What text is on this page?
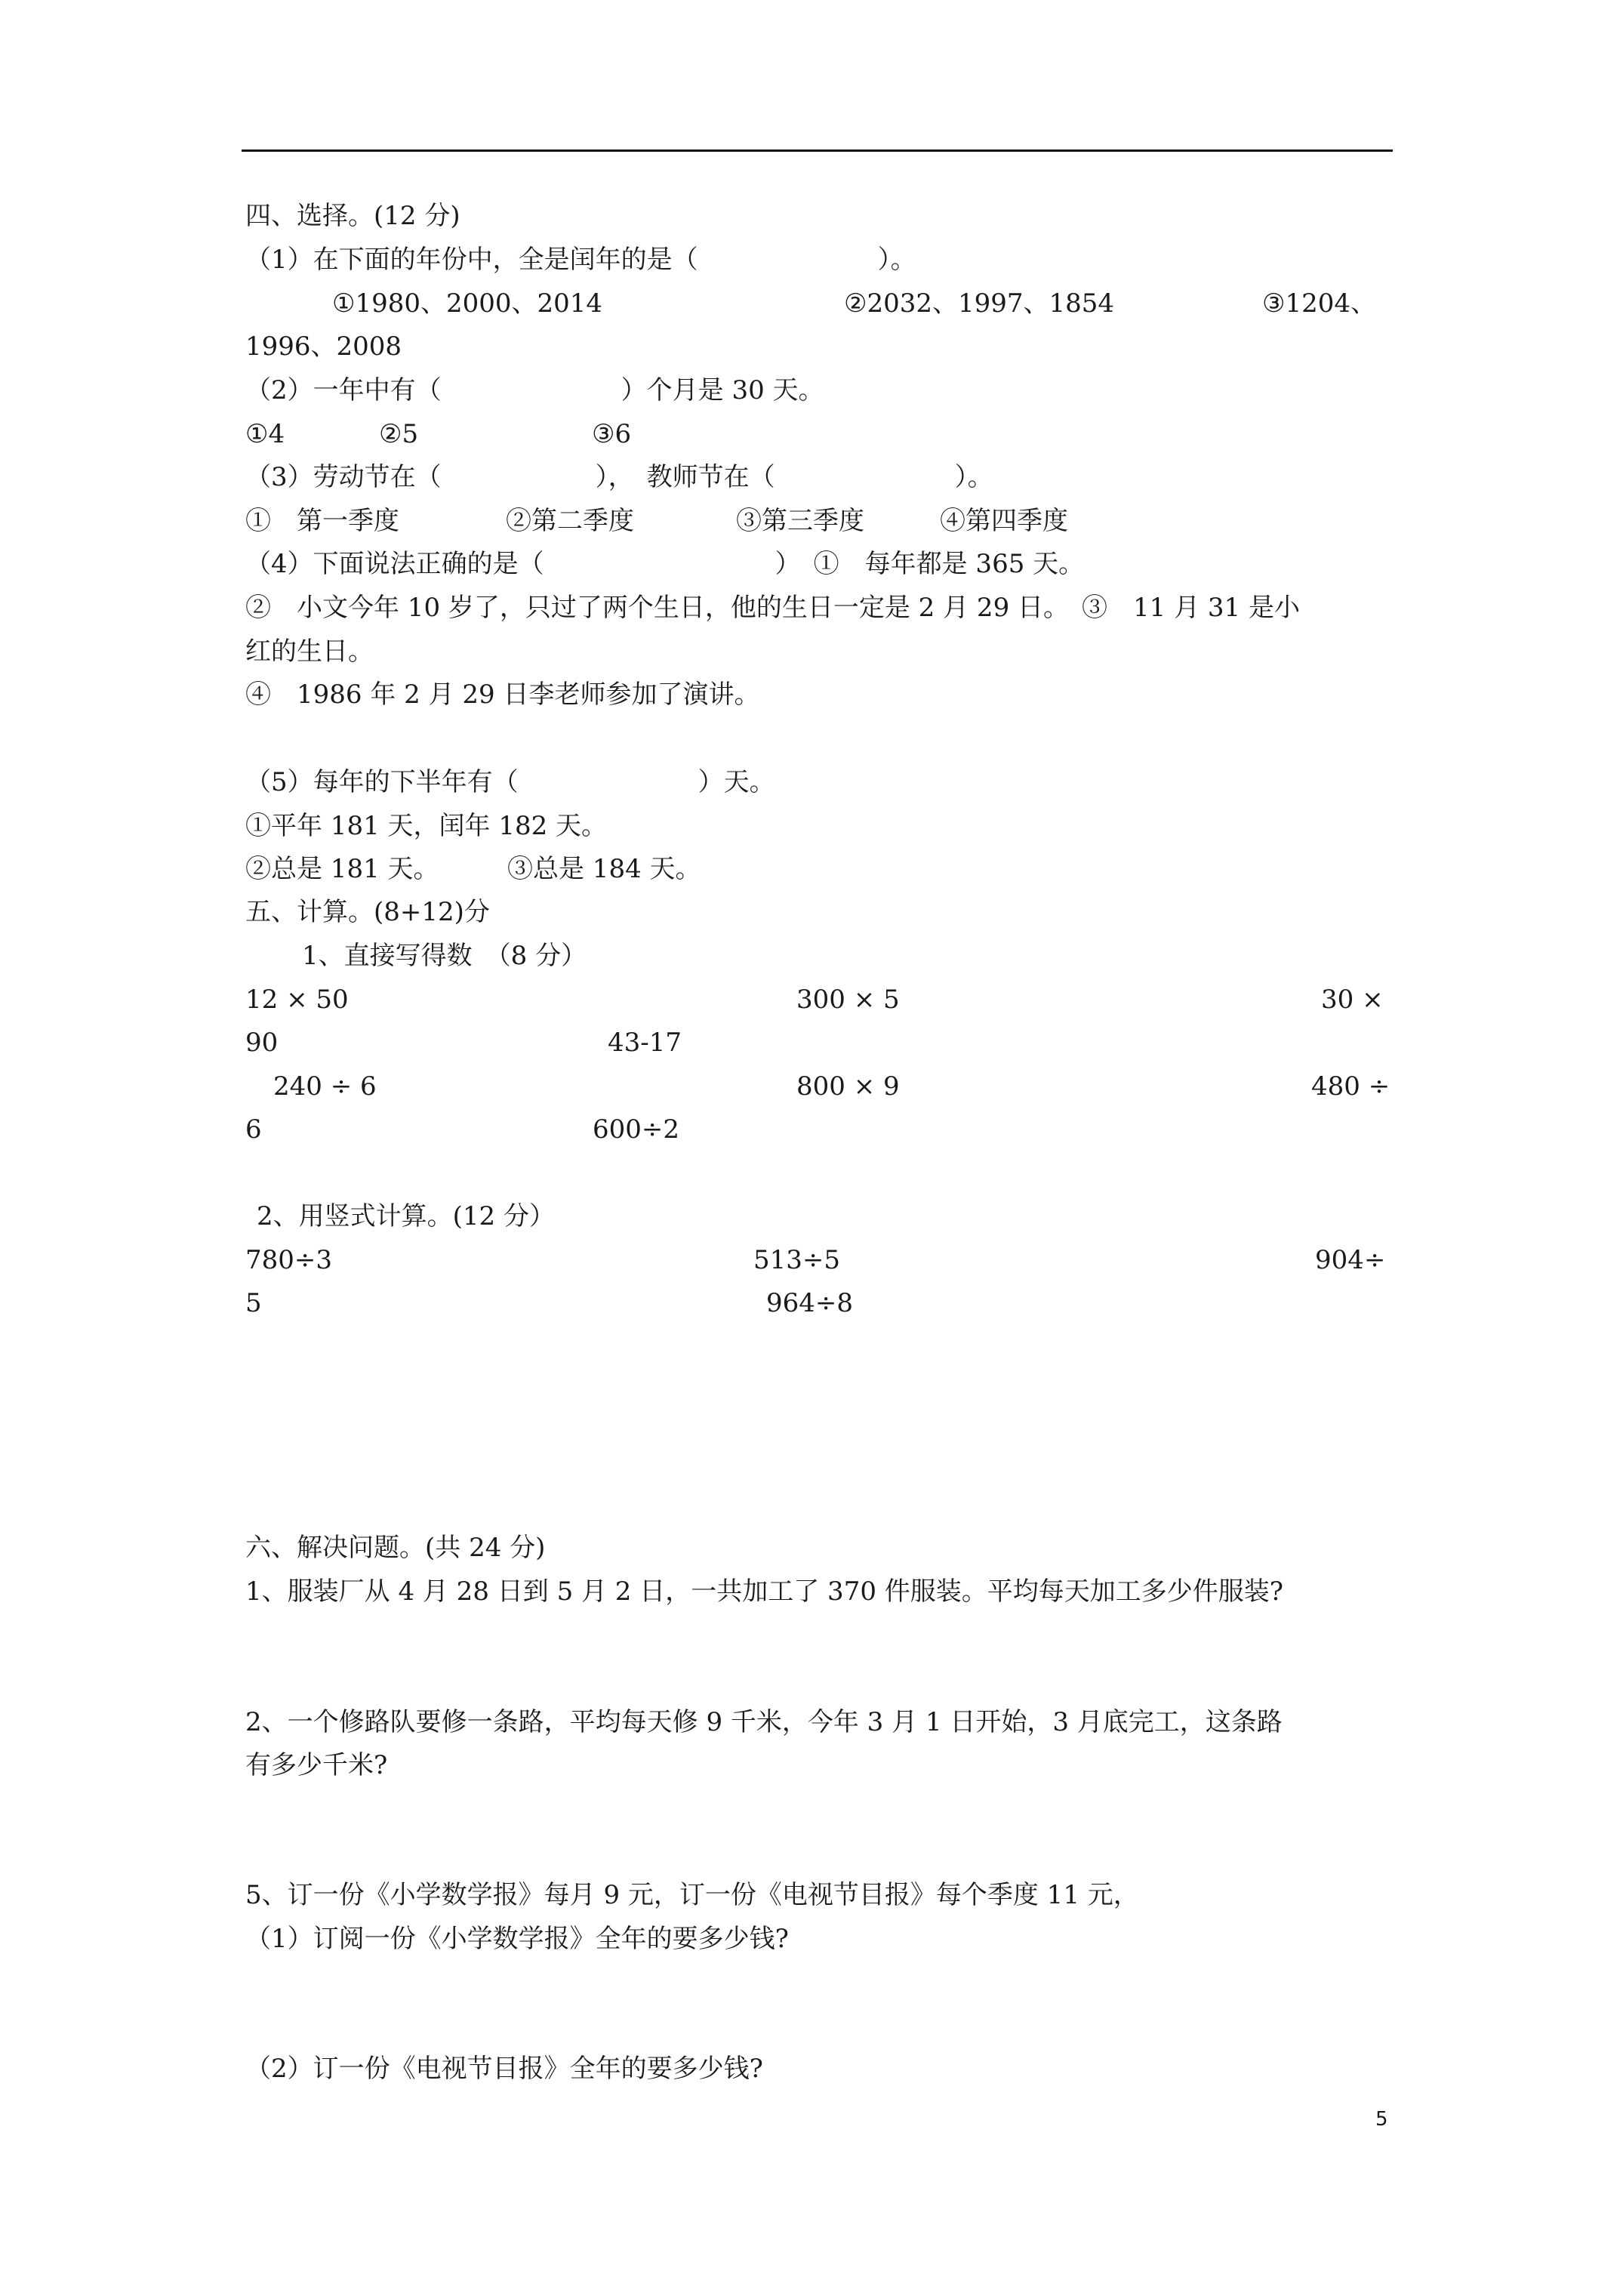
四、选择。(12 分)
（1）在下面的年份中，全是闰年的是（　　　　　　　）。
①1980、2000、2014	②2032、1997、1854	③1204、
1996、2008
（2）一年中有（　　　　　　　）个月是 30 天。
①4	②5	③6
（3）劳动节在（　　　　　　），　教师节在（　　　　　　　）。
①　第一季度	②第二季度	③第三季度	④第四季度
（4）下面说法正确的是（　　　　　　　　　）　①　每年都是 365 天。
②　小文今年 10 岁了，只过了两个生日，他的生日一定是 2 月 29 日。　③　11 月 31 是小
红的生日。
④　1986 年 2 月 29 日李老师参加了演讲。
（5）每年的下半年有（　　　　　　　）天。
①平年 181 天，闰年 182 天。
②总是 181 天。	③总是 184 天。
五、计算。(8+12)分
1、直接写得数　（8 分）
12 × 50	300 × 5	30 ×
90	43-17
240 ÷ 6	800 × 9	480 ÷
6	600÷2
2、用竖式计算。(12 分）
780÷3	513÷5	904÷
5	964÷8
六、解决问题。(共 24 分)
1、服装厂从 4 月 28 日到 5 月 2 日，一共加工了 370 件服装。平均每天加工多少件服装?
2、一个修路队要修一条路，平均每天修 9 千米，今年 3 月 1 日开始，3 月底完工，这条路
有多少千米?
5、订一份《小学数学报》每月 9 元，订一份《电视节目报》每个季度 11 元，
（1）订阅一份《小学数学报》全年的要多少钱?
（2）订一份《电视节目报》全年的要多少钱?
5
